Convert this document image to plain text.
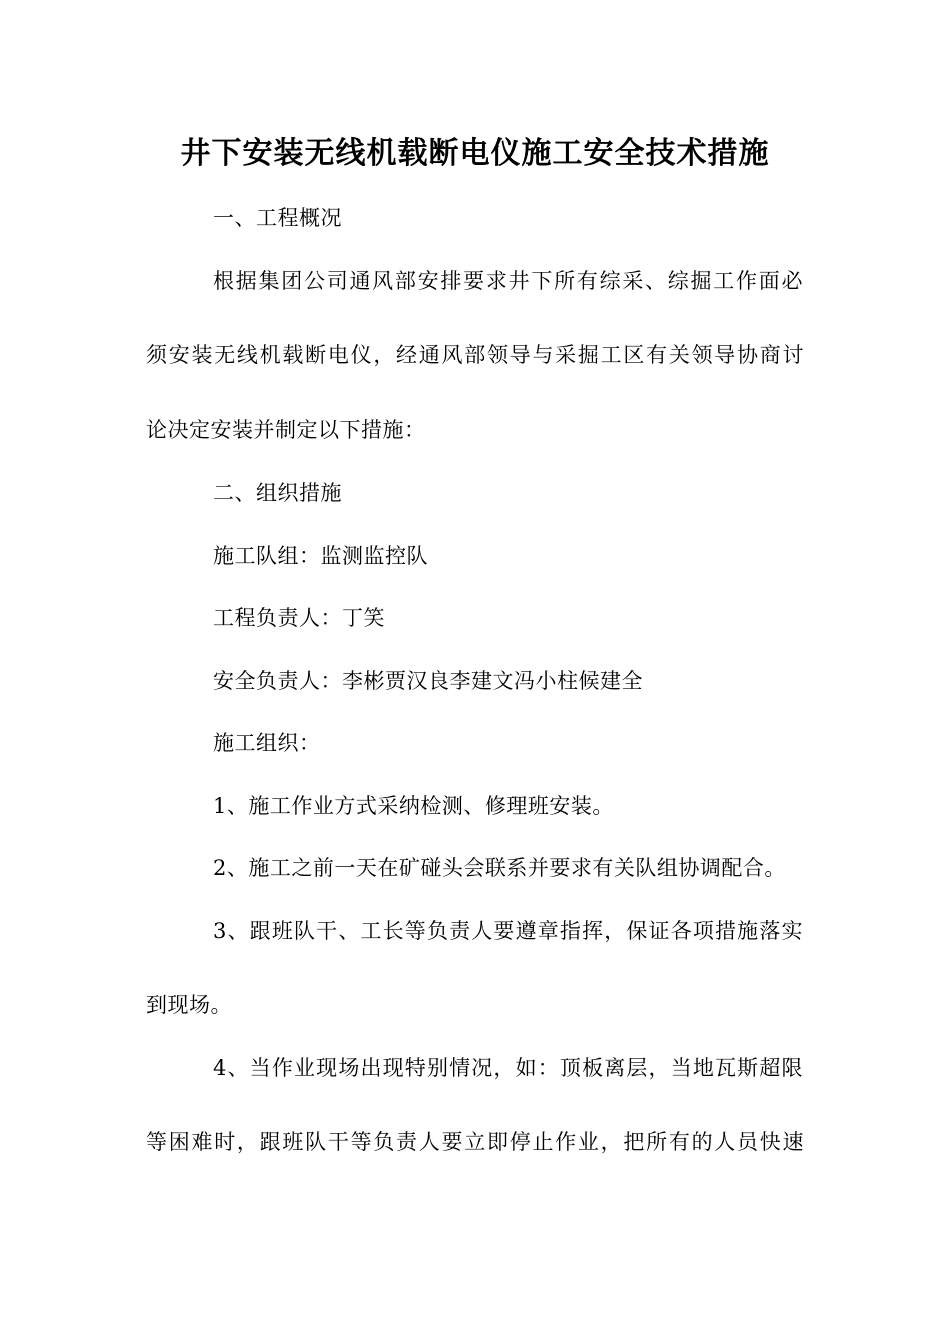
井下安装无线机载断电仪施工安全技术措施
一、工程概况
根据集团公司通风部安排要求井下所有综采、综掘工作面必
须安装无线机载断电仪，经通风部领导与采掘工区有关领导协商讨
论决定安装并制定以下措施：
二、组织措施
施工队组：监测监控队
工程负责人：丁笑
安全负责人：李彬贾汉良李建文冯小柱候建全
施工组织：
1、施工作业方式采纳检测、修理班安装。
2、施工之前一天在矿碰头会联系并要求有关队组协调配合。
3、跟班队干、工长等负责人要遵章指挥，保证各项措施落实
到现场。
4、当作业现场出现特别情况，如：顶板离层，当地瓦斯超限
等困难时，跟班队干等负责人要立即停止作业，把所有的人员快速
